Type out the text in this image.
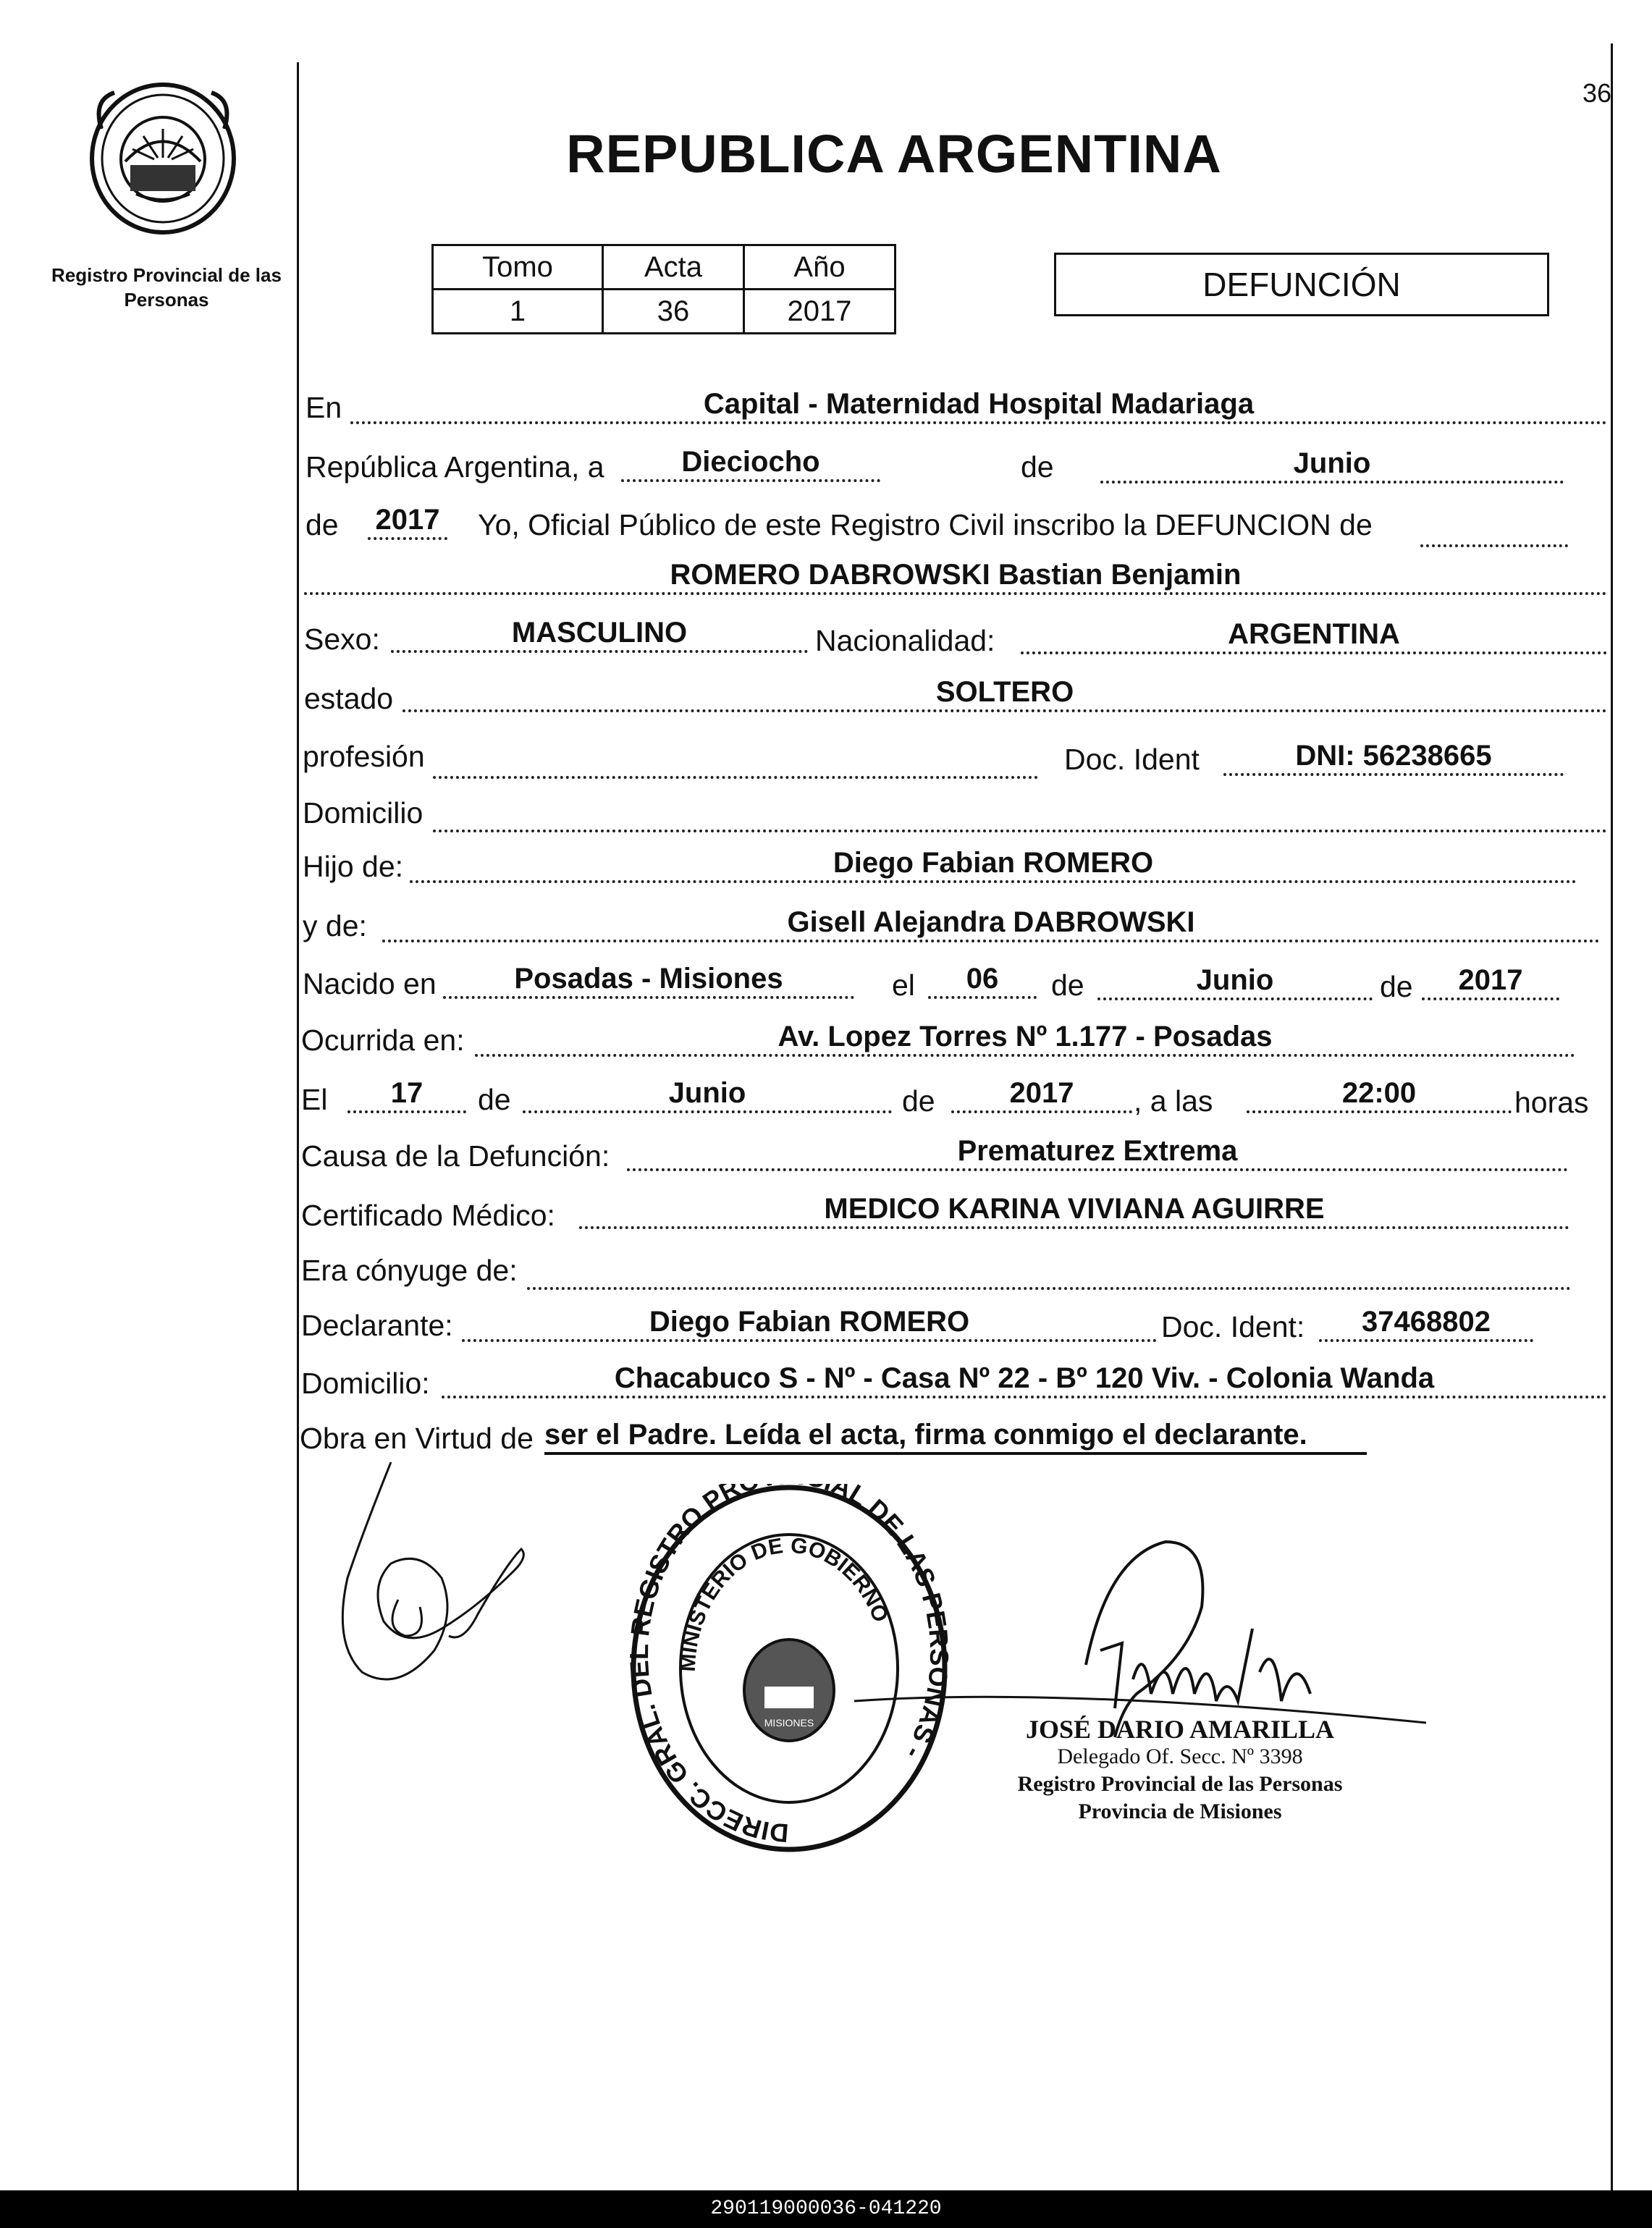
Registro Provincial de las Personas
36
REPUBLICA ARGENTINA
Tomo	Acta	Año
1	36	2017
DEFUNCIÓN
En	Capital - Maternidad Hospital Madariaga
República Argentina, a	Dieciocho	de	Junio
de 2017 Yo, Oficial Público de este Registro Civil inscribo la DEFUNCION de
ROMERO DABROWSKI Bastian Benjamin
Sexo:	MASCULINO	Nacionalidad:	ARGENTINA
estado	SOLTERO
profesión	Doc. Ident	DNI: 56238665
Domicilio
Hijo de:	Diego Fabian ROMERO
y de:	Gisell Alejandra DABROWSKI
Nacido en	Posadas - Misiones	el	06	de	Junio	de	2017
Ocurrida en:	Av. Lopez Torres Nº 1.177 - Posadas
El	17	de	Junio	de	2017	, a las	22:00	horas
Causa de la Defunción:	Prematurez Extrema
Certificado Médico:	MEDICO KARINA VIVIANA AGUIRRE
Era cónyuge de:
Declarante:	Diego Fabian ROMERO	Doc. Ident:	37468802
Domicilio:	Chacabuco S - Nº - Casa Nº 22 - Bº 120 Viv. - Colonia Wanda
Obra en Virtud de ser el Padre. Leída el acta, firma conmigo el declarante.
DIRECC. GRAL. DEL REGISTRO PR AL DE LAS PERSONAS -
MINISTERIO DE GOBIERNO
MISIONES	JOSÉ DARIO AMARILLA
Delegado Of. Secc. Nº 3398
Registro Provincial de las Personas
Provincia de Misiones
290119000036-041220
